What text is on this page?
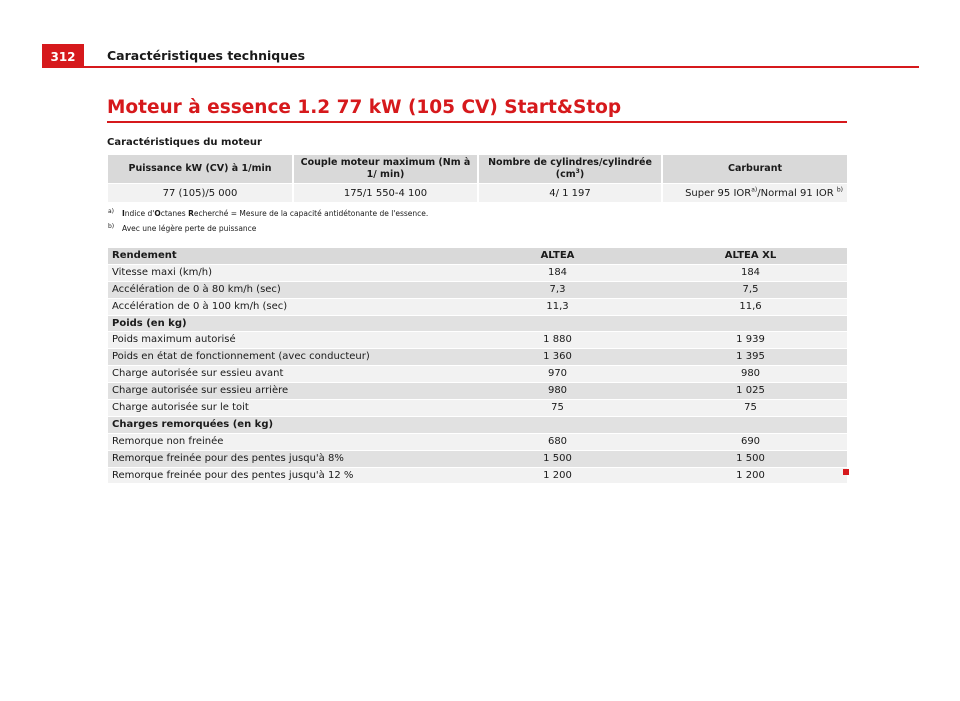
312	Caractéristiques techniques
Moteur à essence 1.2 77 kW (105 CV) Start&Stop
Caractéristiques du moteur
Puissance kW (CV) à 1/min	Couple moteur maximum (Nm à 1/ min)	Nombre de cylindres/cylindrée $(cm^3)$	Carburant
77 (105)/5 000	175/1 550-4 100	4/ 1 197	Super 95 IOR$^{a)}$/Normal 91 IOR $^{b)}$
a)	Indice d'Octanes Recherché = Mesure de la capacité antidétonante de l'essence.
b)	Avec une légère perte de puissance
Rendement	ALTEA	ALTEA XL
Vitesse maxi (km/h)	184	184
Accélération de 0 à 80 km/h (sec)	7,3	7,5
Accélération de 0 à 100 km/h (sec)	11,3	11,6
Poids (en kg)		
Poids maximum autorisé	1 880	1 939
Poids en état de fonctionnement (avec conducteur)	1 360	1 395
Charge autorisée sur essieu avant	970	980
Charge autorisée sur essieu arrière	980	1 025
Charge autorisée sur le toit	75	75
Charges remorquées (en kg)		
Remorque non freinée	680	690
Remorque freinée pour des pentes jusqu'à 8%	1 500	1 500
Remorque freinée pour des pentes jusqu'à 12 %	1 200	1 200
